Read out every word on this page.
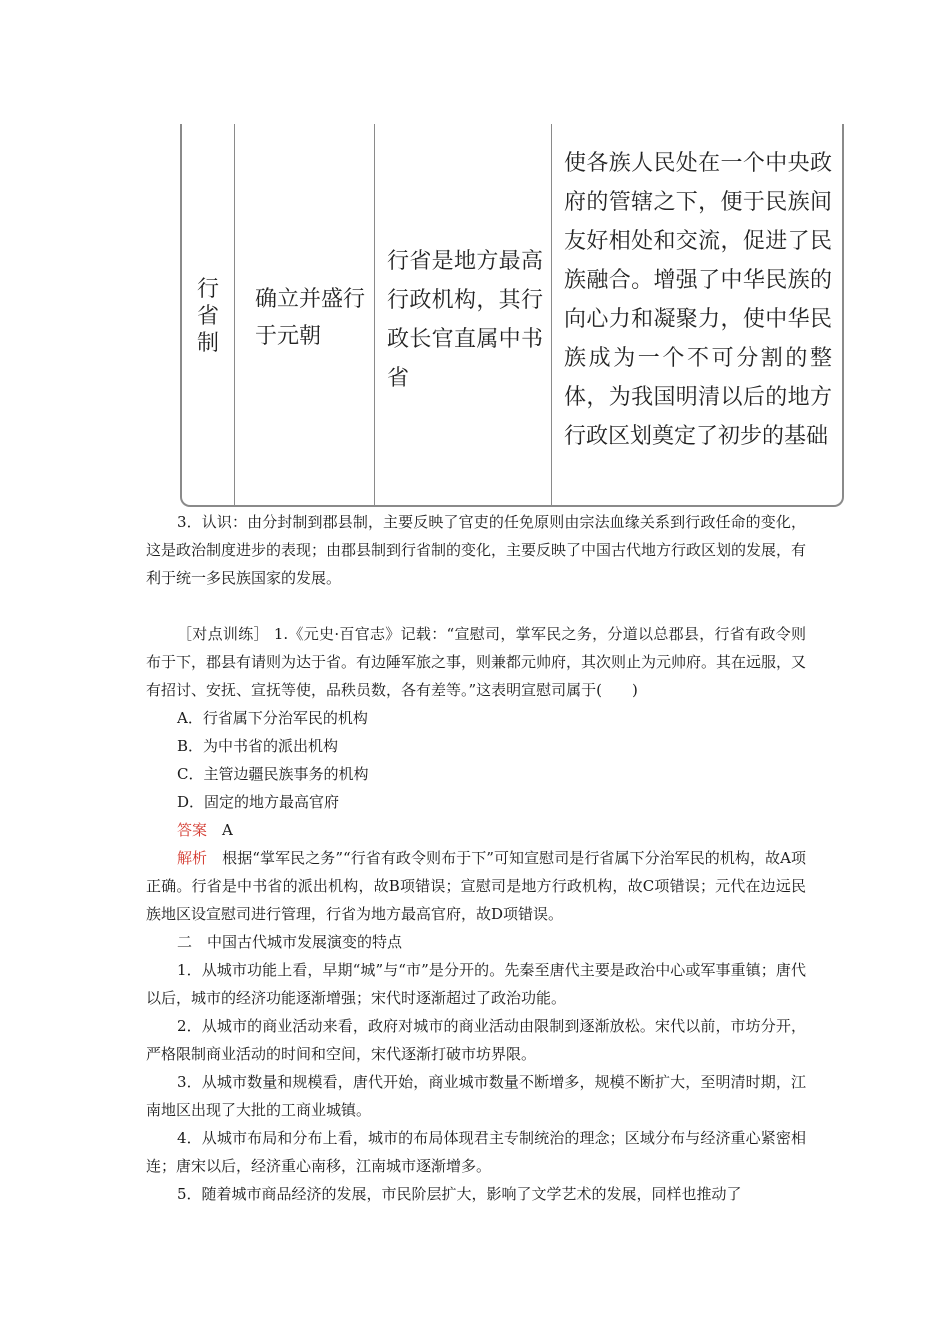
行省制
确立并盛行于元朝
行省是地方最高行政机构，其行政长官直属中书省
使各族人民处在一个中央政府的管辖之下，便于民族间友好相处和交流，促进了民族融合。增强了中华民族的向心力和凝聚力，使中华民族成为一个不可分割的整体，为我国明清以后的地方行政区划奠定了初步的基础

3．认识：由分封制到郡县制，主要反映了官吏的任免原则由宗法血缘关系到行政任命的变化，这是政治制度进步的表现；由郡县制到行省制的变化，主要反映了中国古代地方行政区划的发展，有利于统一多民族国家的发展。

［对点训练］ 1.《元史·百官志》记载：“宣慰司，掌军民之务，分道以总郡县，行省有政令则布于下，郡县有请则为达于省。有边陲军旅之事，则兼都元帅府，其次则止为元帅府。其在远服，又有招讨、安抚、宣抚等使，品秩员数，各有差等。”这表明宣慰司属于(　　)

A．行省属下分治军民的机构

B．为中书省的派出机构

C．主管边疆民族事务的机构

D．固定的地方最高官府

答案　A

解析　根据“掌军民之务”“行省有政令则布于下”可知宣慰司是行省属下分治军民的机构，故A项正确。行省是中书省的派出机构，故B项错误；宣慰司是地方行政机构，故C项错误；元代在边远民族地区设宣慰司进行管理，行省为地方最高官府，故D项错误。

二　中国古代城市发展演变的特点

1．从城市功能上看，早期“城”与“市”是分开的。先秦至唐代主要是政治中心或军事重镇；唐代以后，城市的经济功能逐渐增强；宋代时逐渐超过了政治功能。

2．从城市的商业活动来看，政府对城市的商业活动由限制到逐渐放松。宋代以前，市坊分开，严格限制商业活动的时间和空间，宋代逐渐打破市坊界限。

3．从城市数量和规模看，唐代开始，商业城市数量不断增多，规模不断扩大，至明清时期，江南地区出现了大批的工商业城镇。

4．从城市布局和分布上看，城市的布局体现君主专制统治的理念；区域分布与经济重心紧密相连；唐宋以后，经济重心南移，江南城市逐渐增多。

5．随着城市商品经济的发展，市民阶层扩大，影响了文学艺术的发展，同样也推动了
